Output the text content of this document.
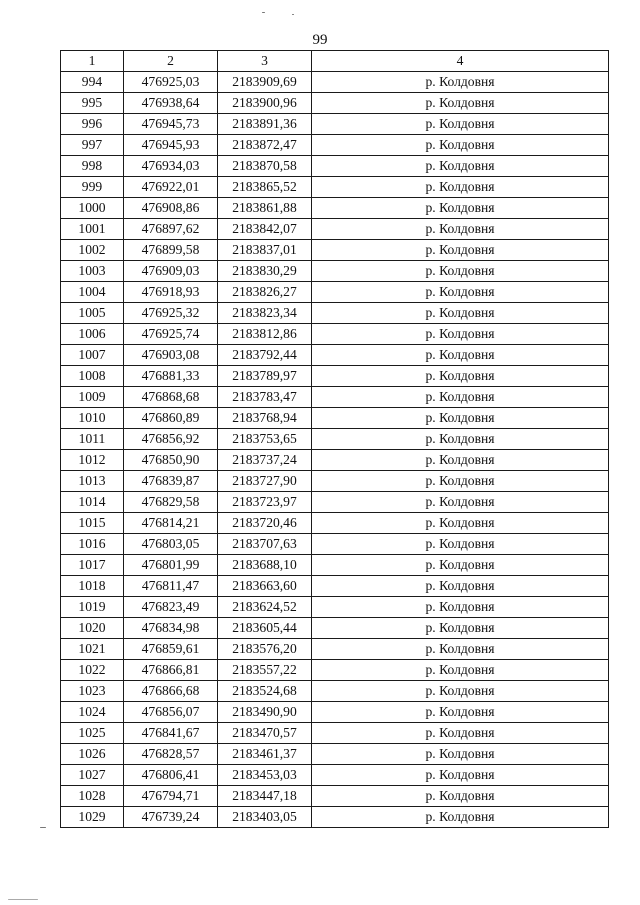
99
1	2	3	4
994	476925,03	2183909,69	р. Колдовня
995	476938,64	2183900,96	р. Колдовня
996	476945,73	2183891,36	р. Колдовня
997	476945,93	2183872,47	р. Колдовня
998	476934,03	2183870,58	р. Колдовня
999	476922,01	2183865,52	р. Колдовня
1000	476908,86	2183861,88	р. Колдовня
1001	476897,62	2183842,07	р. Колдовня
1002	476899,58	2183837,01	р. Колдовня
1003	476909,03	2183830,29	р. Колдовня
1004	476918,93	2183826,27	р. Колдовня
1005	476925,32	2183823,34	р. Колдовня
1006	476925,74	2183812,86	р. Колдовня
1007	476903,08	2183792,44	р. Колдовня
1008	476881,33	2183789,97	р. Колдовня
1009	476868,68	2183783,47	р. Колдовня
1010	476860,89	2183768,94	р. Колдовня
1011	476856,92	2183753,65	р. Колдовня
1012	476850,90	2183737,24	р. Колдовня
1013	476839,87	2183727,90	р. Колдовня
1014	476829,58	2183723,97	р. Колдовня
1015	476814,21	2183720,46	р. Колдовня
1016	476803,05	2183707,63	р. Колдовня
1017	476801,99	2183688,10	р. Колдовня
1018	476811,47	2183663,60	р. Колдовня
1019	476823,49	2183624,52	р. Колдовня
1020	476834,98	2183605,44	р. Колдовня
1021	476859,61	2183576,20	р. Колдовня
1022	476866,81	2183557,22	р. Колдовня
1023	476866,68	2183524,68	р. Колдовня
1024	476856,07	2183490,90	р. Колдовня
1025	476841,67	2183470,57	р. Колдовня
1026	476828,57	2183461,37	р. Колдовня
1027	476806,41	2183453,03	р. Колдовня
1028	476794,71	2183447,18	р. Колдовня
1029	476739,24	2183403,05	р. Колдовня
